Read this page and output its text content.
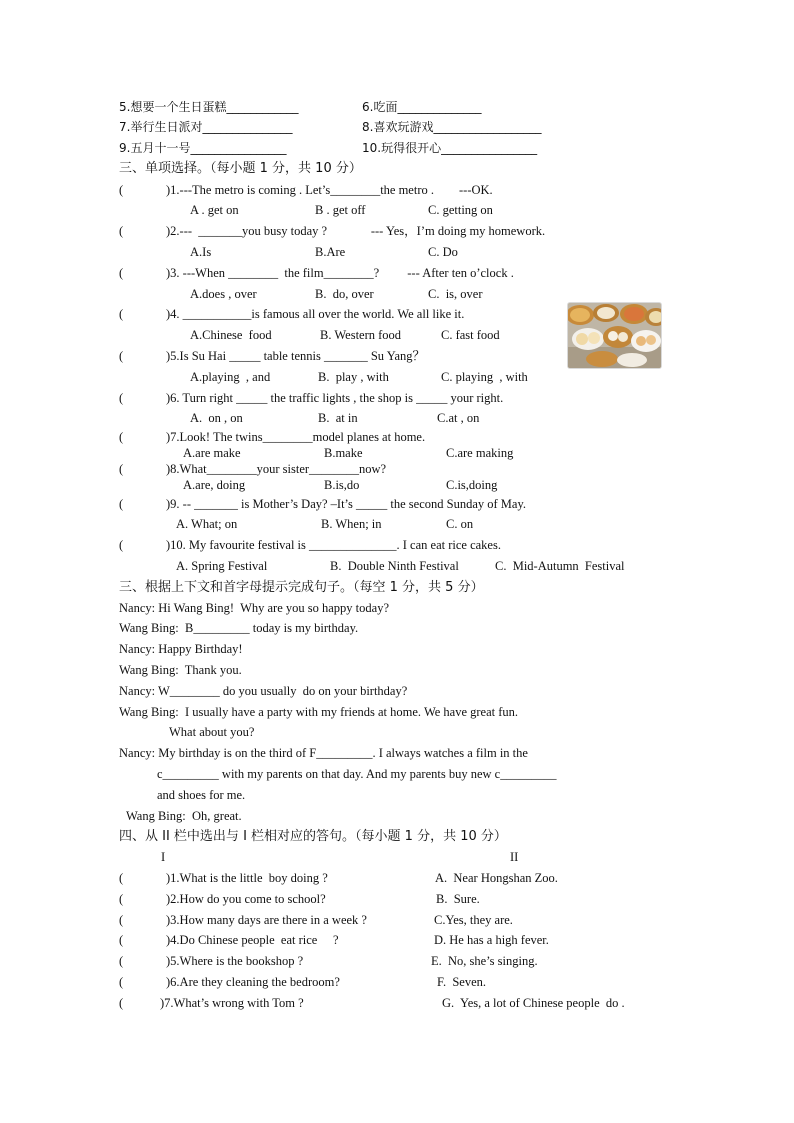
5.想要一个生日蛋糕____________	6.吃面______________
7.举行生日派对_______________	8.喜欢玩游戏__________________
9.五月十一号________________	10.玩得很开心________________
三、单项选择。（每小题 1 分，共 10 分）
(	)1.---The metro is coming . Let’s________the metro .        ---OK.
A . get on	B . get off	C. getting on
(	)2.---  _______you busy today ?              --- Yes，I’m doing my homework.
A.Is	B.Are	C. Do
(	)3. ---When ________  the film________?         --- After ten o’clock .
A.does , over	B.  do, over	C.  is, over
(	)4. ___________is famous all over the world. We all like it.
A.Chinese  food	B. Western food	C. fast food
(	)5.Is Su Hai _____ table tennis _______ Su Yang？
A.playing  , and	B.  play , with	C. playing  , with
(	)6. Turn right _____ the traffic lights , the shop is _____ your right.
A.  on , on	B.  at in	C.at , on
(	)7.Look! The twins________model planes at home.
A.are make	B.make	C.are making
(	)8.What________your sister________now?
A.are, doing	B.is,do	C.is,doing
(	)9. -- _______ is Mother’s Day? –It’s _____ the second Sunday of May.
A. What; on	B. When; in	C. on
(	)10. My favourite festival is ______________. I can eat rice cakes.
A. Spring Festival	B.  Double Ninth Festival	C.  Mid-Autumn  Festival
三、根据上下文和首字母提示完成句子。（每空 1 分，共 5 分）
Nancy: Hi Wang Bing!  Why are you so happy today?
Wang Bing:  B_________ today is my birthday.
Nancy: Happy Birthday!
Wang Bing:  Thank you.
Nancy: W________ do you usually  do on your birthday?
Wang Bing:  I usually have a party with my friends at home. We have great fun.
What about you?
Nancy: My birthday is on the third of F_________. I always watches a film in the
c_________ with my parents on that day. And my parents buy new c_________
and shoes for me.
Wang Bing:  Oh, great.
四、从 II 栏中选出与 I 栏相对应的答句。（每小题 1 分，共 10 分）
I	II
(	)1.What is the little  boy doing ?	A.  Near Hongshan Zoo.
(	)2.How do you come to school?	B.  Sure.
(	)3.How many days are there in a week ?	C.Yes, they are.
(	)4.Do Chinese people  eat rice     ?	D. He has a high fever.
(	)5.Where is the bookshop ?	E.  No, she’s singing.
(	)6.Are they cleaning the bedroom?	F.  Seven.
(	)7.What’s wrong with Tom ?	G.  Yes, a lot of Chinese people  do .
